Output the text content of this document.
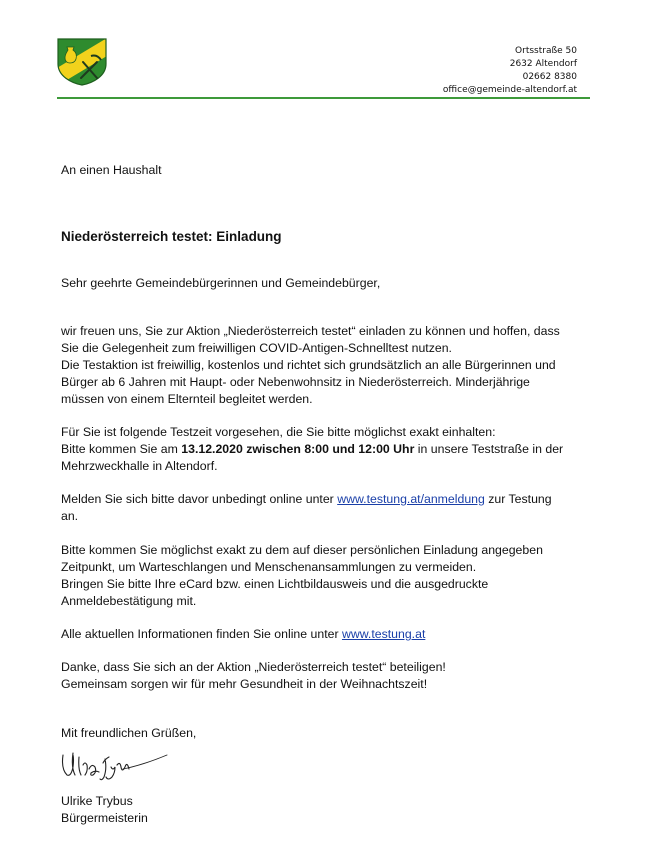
Ortsstraße 50
2632 Altendorf
02662 8380
office@gemeinde-altendorf.at

An einen Haushalt

Niederösterreich testet: Einladung

Sehr geehrte Gemeindebürgerinnen und Gemeindebürger,

wir freuen uns, Sie zur Aktion „Niederösterreich testet“ einladen zu können und hoffen, dass

Sie die Gelegenheit zum freiwilligen COVID-Antigen-Schnelltest nutzen.

Die Testaktion ist freiwillig, kostenlos und richtet sich grundsätzlich an alle Bürgerinnen und

Bürger ab 6 Jahren mit Haupt- oder Nebenwohnsitz in Niederösterreich. Minderjährige

müssen von einem Elternteil begleitet werden.

Für Sie ist folgende Testzeit vorgesehen, die Sie bitte möglichst exakt einhalten:

Bitte kommen Sie am 13.12.2020 zwischen 8:00 und 12:00 Uhr in unsere Teststraße in der

Mehrzweckhalle in Altendorf.

Melden Sie sich bitte davor unbedingt online unter www.testung.at/anmeldung zur Testung

an.

Bitte kommen Sie möglichst exakt zu dem auf dieser persönlichen Einladung angegeben

Zeitpunkt, um Warteschlangen und Menschenansammlungen zu vermeiden.

Bringen Sie bitte Ihre eCard bzw. einen Lichtbildausweis und die ausgedruckte

Anmeldebestätigung mit.

Alle aktuellen Informationen finden Sie online unter www.testung.at

Danke, dass Sie sich an der Aktion „Niederösterreich testet“ beteiligen!

Gemeinsam sorgen wir für mehr Gesundheit in der Weihnachtszeit!

Mit freundlichen Grüßen,

Ulrike Trybus

Bürgermeisterin
